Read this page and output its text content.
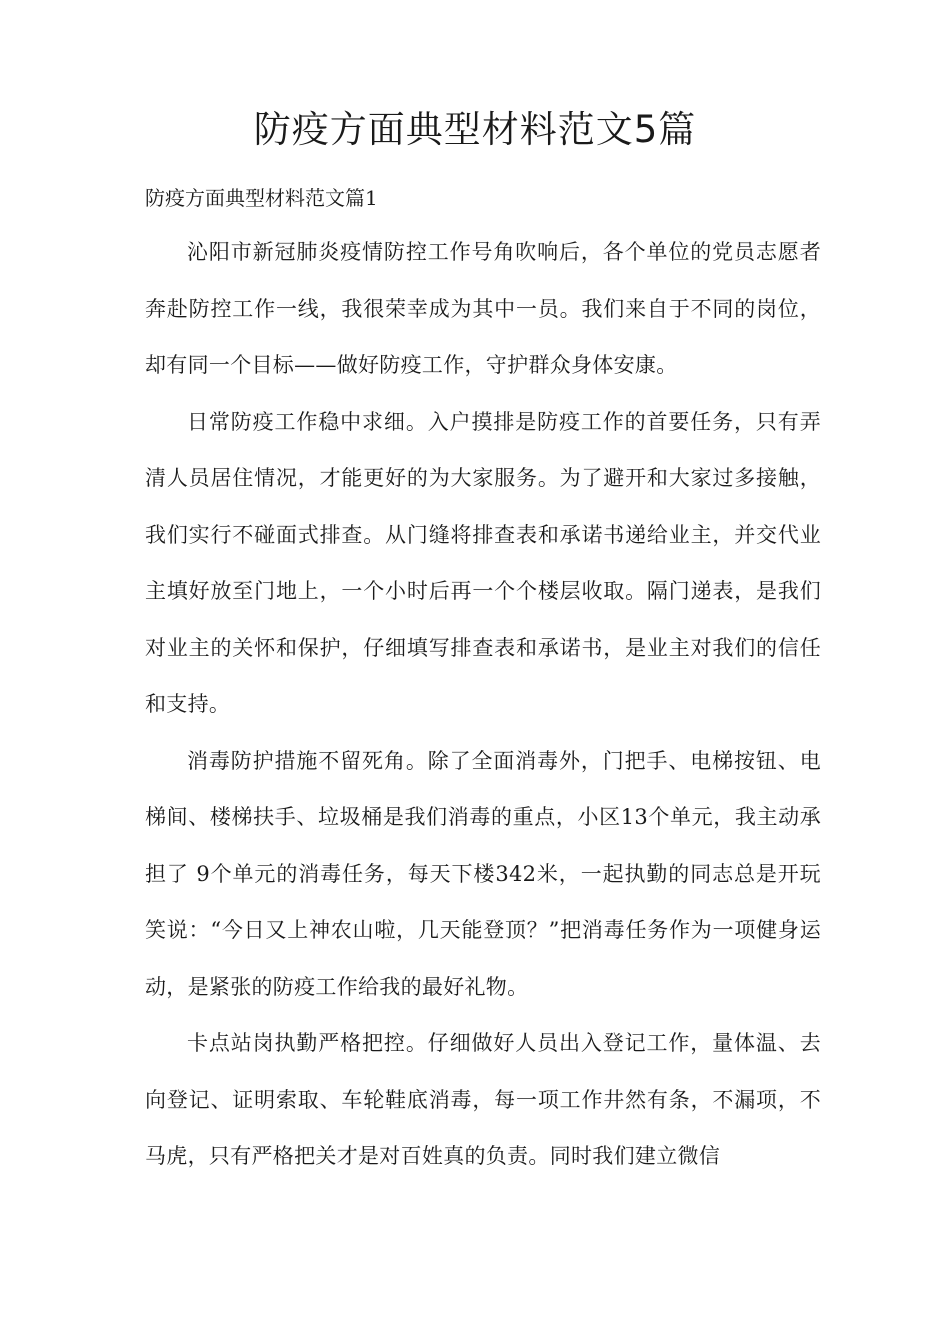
防疫方面典型材料范文5篇

防疫方面典型材料范文篇1

沁阳市新冠肺炎疫情防控工作号角吹响后，各个单位的党员志愿者奔赴防控工作一线，我很荣幸成为其中一员。我们来自于不同的岗位，却有同一个目标——做好防疫工作，守护群众身体安康。

日常防疫工作稳中求细。入户摸排是防疫工作的首要任务，只有弄清人员居住情况，才能更好的为大家服务。为了避开和大家过多接触，我们实行不碰面式排查。从门缝将排查表和承诺书递给业主，并交代业主填好放至门地上，一个小时后再一个个楼层收取。隔门递表，是我们对业主的关怀和保护，仔细填写排查表和承诺书，是业主对我们的信任和支持。

消毒防护措施不留死角。除了全面消毒外，门把手、电梯按钮、电梯间、楼梯扶手、垃圾桶是我们消毒的重点，小区13个单元，我主动承担了 9个单元的消毒任务，每天下楼342米，一起执勤的同志总是开玩笑说：“今日又上神农山啦，几天能登顶？”把消毒任务作为一项健身运动，是紧张的防疫工作给我的最好礼物。

卡点站岗执勤严格把控。仔细做好人员出入登记工作，量体温、去向登记、证明索取、车轮鞋底消毒，每一项工作井然有条，不漏项，不马虎，只有严格把关才是对百姓真的负责。同时我们建立微信
